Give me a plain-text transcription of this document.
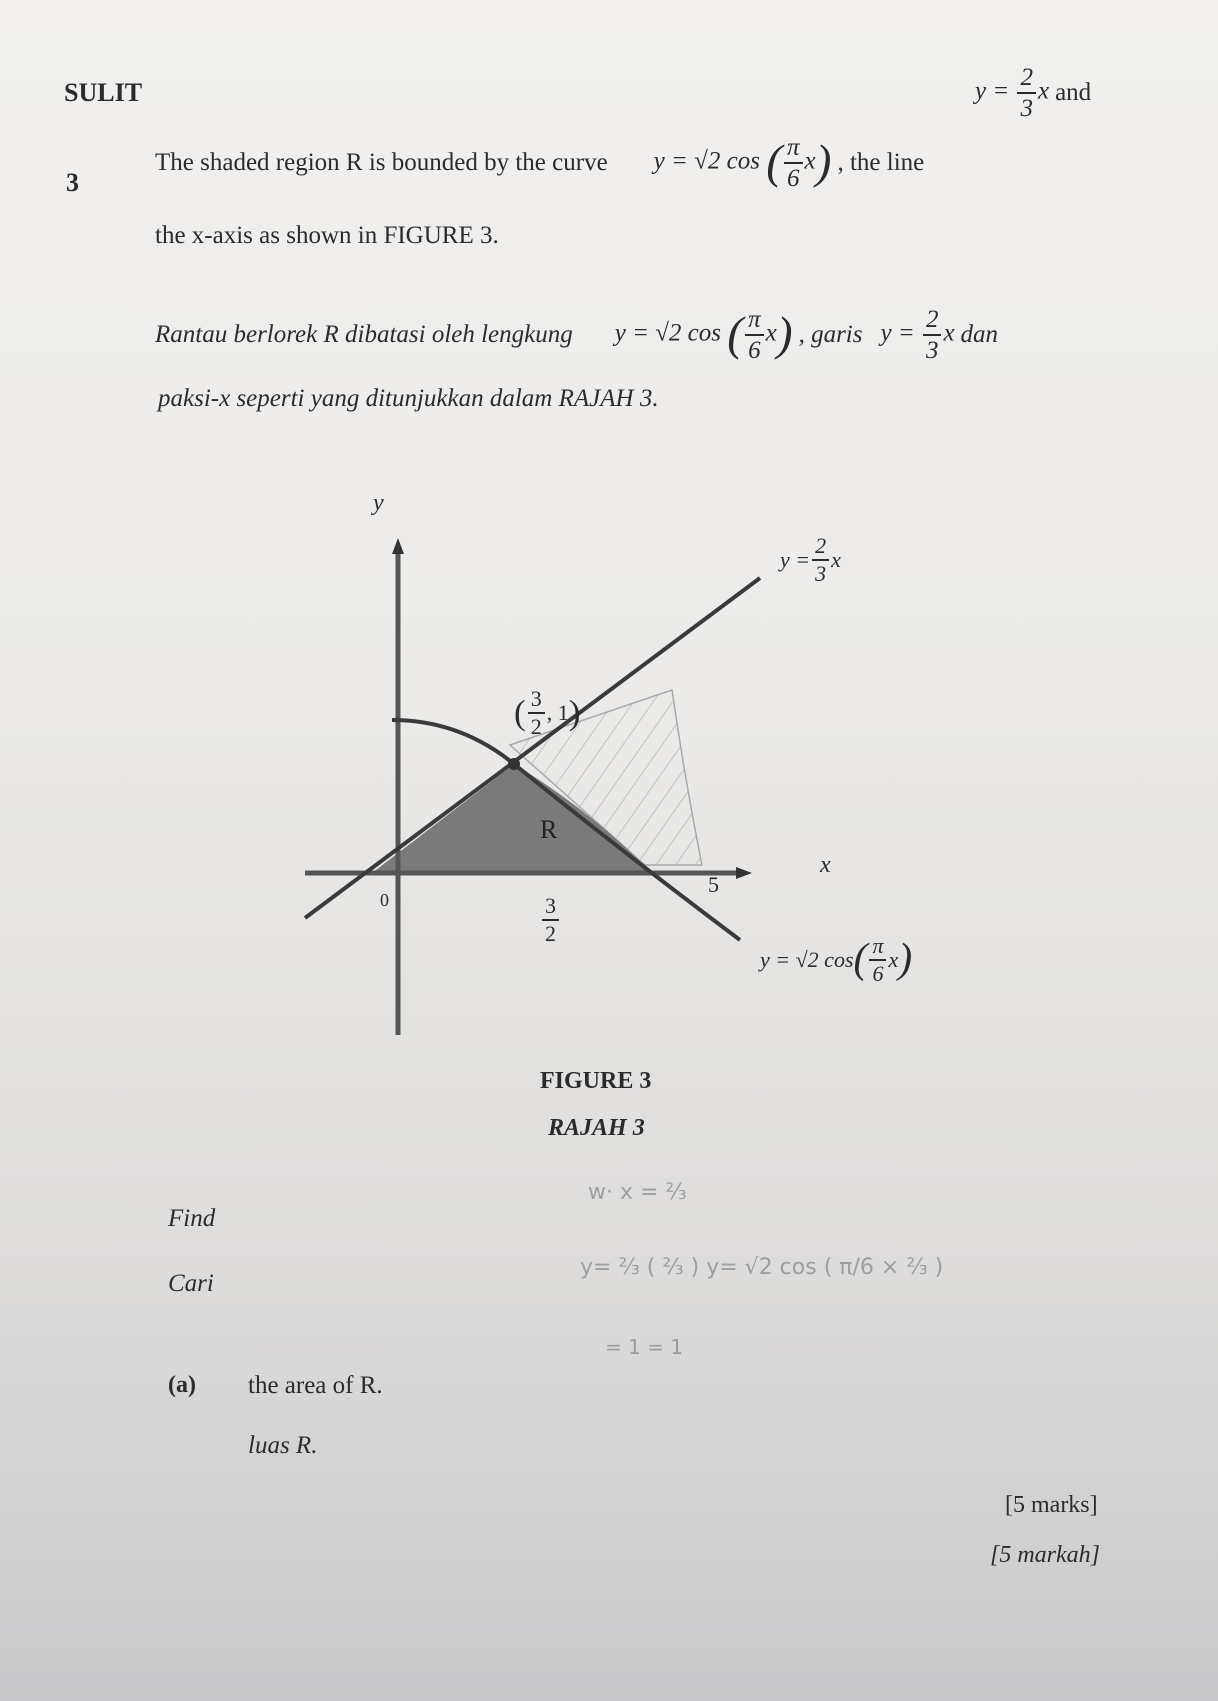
SULIT
3
The shaded region R is bounded by the curve y = √2 cos ( $\frac{\pi}{6} x$) , the line
$y = \frac{2}{3}$ x and
the x-axis as shown in FIGURE 3.
Rantau berlorek R dibatasi oleh lengkung y = √2 cos ( $\frac{\pi}{6} x$) , garis $y = \frac{2}{3}$ x dan
paksi-x seperti yang ditunjukkan dalam RAJAH 3.
y
x
0
( $\frac{3}{2}$ , 1 )
R
$\frac{3}{2}$
5
$y = \frac{2}{3}$ x
y = √2 cos ( $\frac{\pi}{6}$ x )
FIGURE 3
RAJAH 3
w· x = ⅔
y= ⅔ ( ⅔ ) y= √2 cos ( π/6 × ⅔ )
= 1 = 1
Find
Cari
(a) the area of R.
luas R.
[5 marks]
[5 markah]
